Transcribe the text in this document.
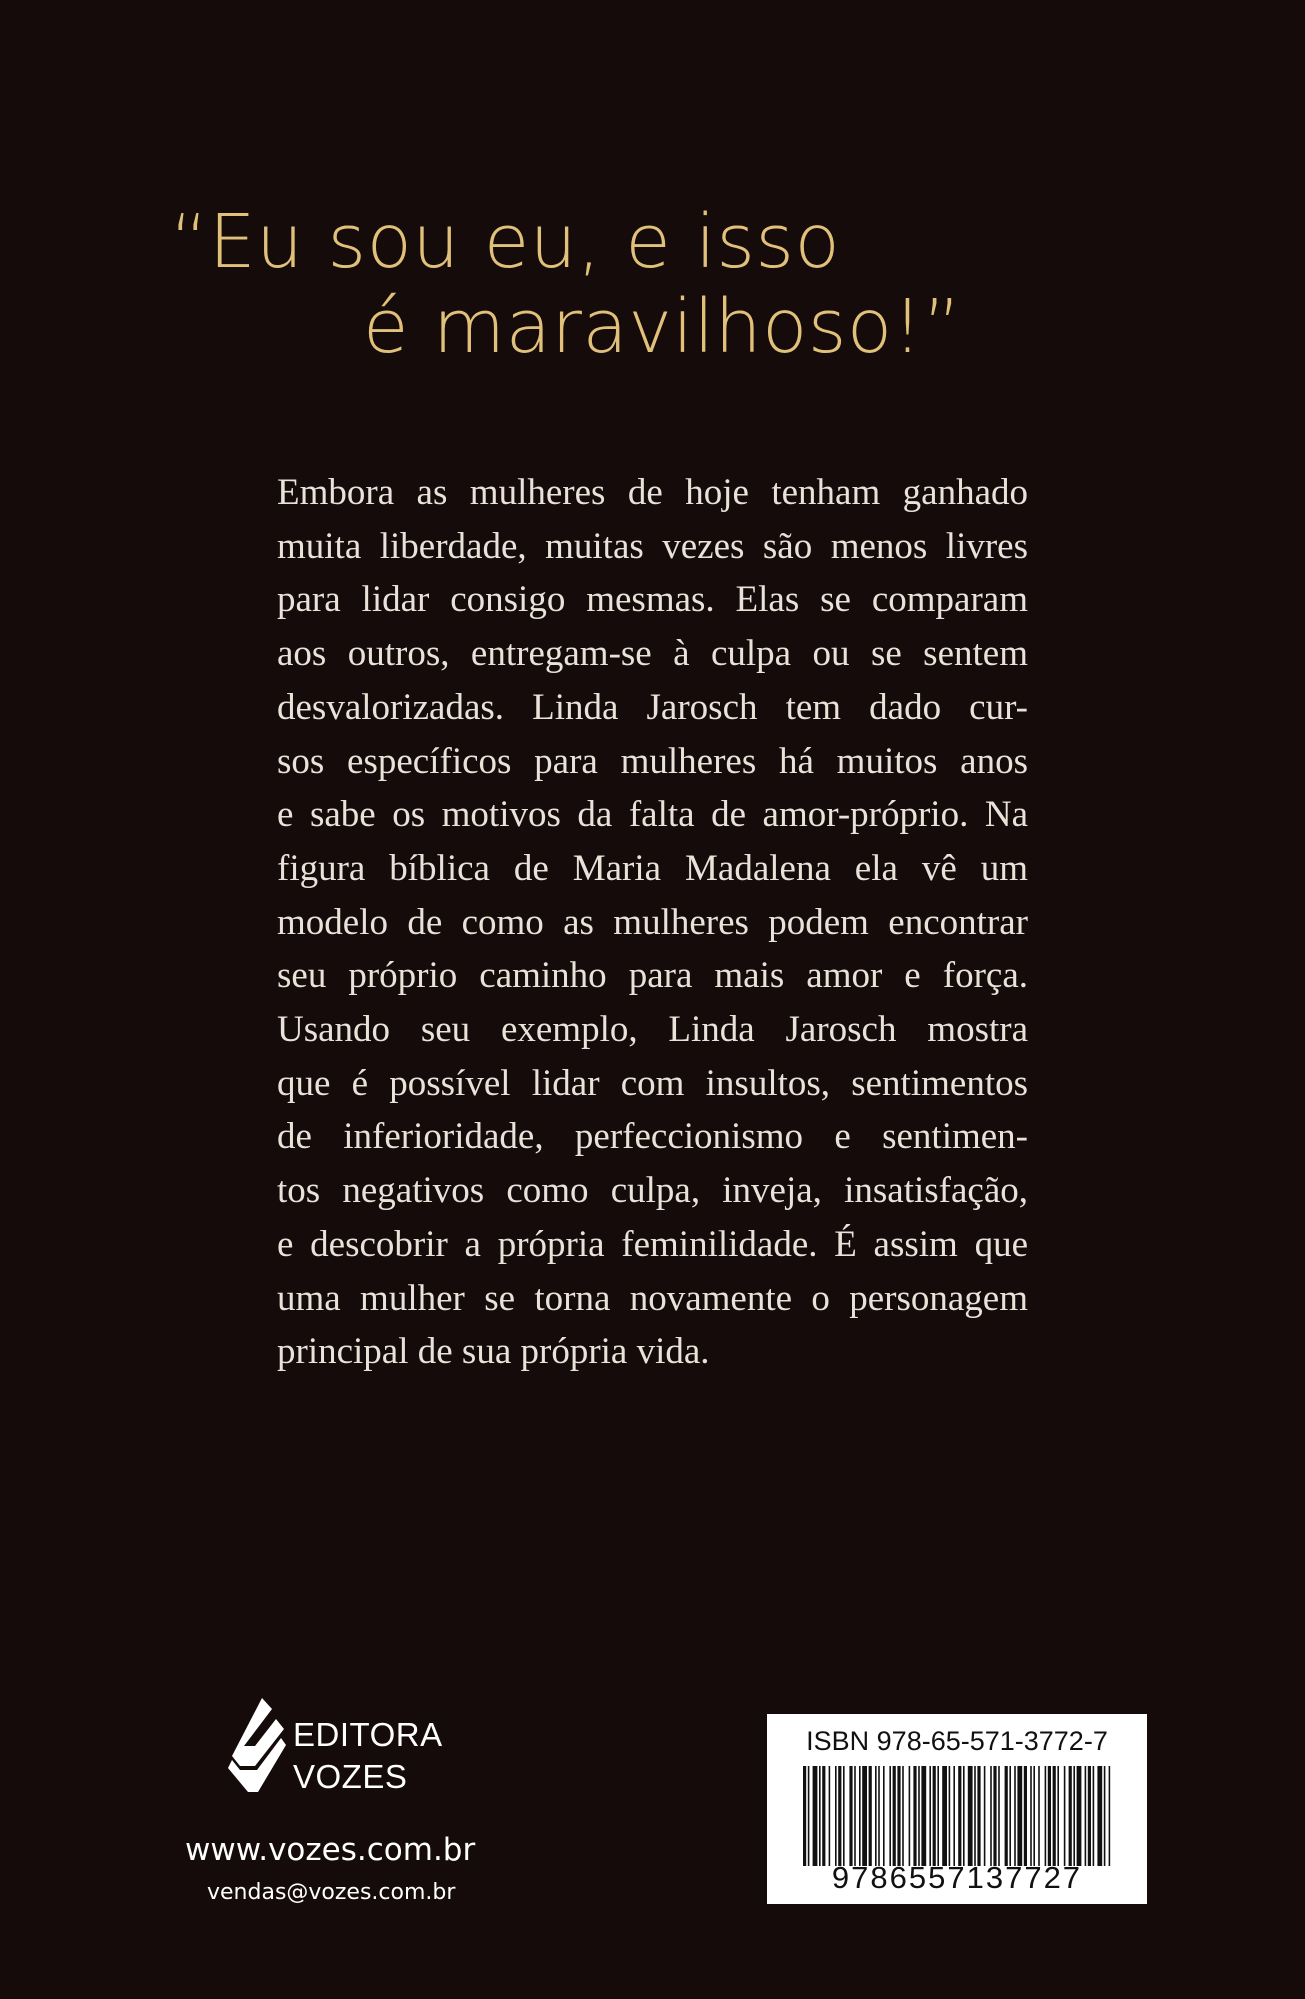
“Eu sou eu, e isso
é maravilhoso!”
Embora as mulheres de hoje tenham ganhado
muita liberdade, muitas vezes são menos livres
para lidar consigo mesmas. Elas se comparam
aos outros, entregam-se à culpa ou se sentem
desvalorizadas. Linda Jarosch tem dado cur-
sos específicos para mulheres há muitos anos
e sabe os motivos da falta de amor-próprio. Na
figura bíblica de Maria Madalena ela vê um
modelo de como as mulheres podem encontrar
seu próprio caminho para mais amor e força.
Usando seu exemplo, Linda Jarosch mostra
que é possível lidar com insultos, sentimentos
de inferioridade, perfeccionismo e sentimen-
tos negativos como culpa, inveja, insatisfação,
e descobrir a própria feminilidade. É assim que
uma mulher se torna novamente o personagem
principal de sua própria vida.
EDITORA
VOZES
www.vozes.com.br
vendas@vozes.com.br
ISBN 978-65-571-3772-7
9786557137727
